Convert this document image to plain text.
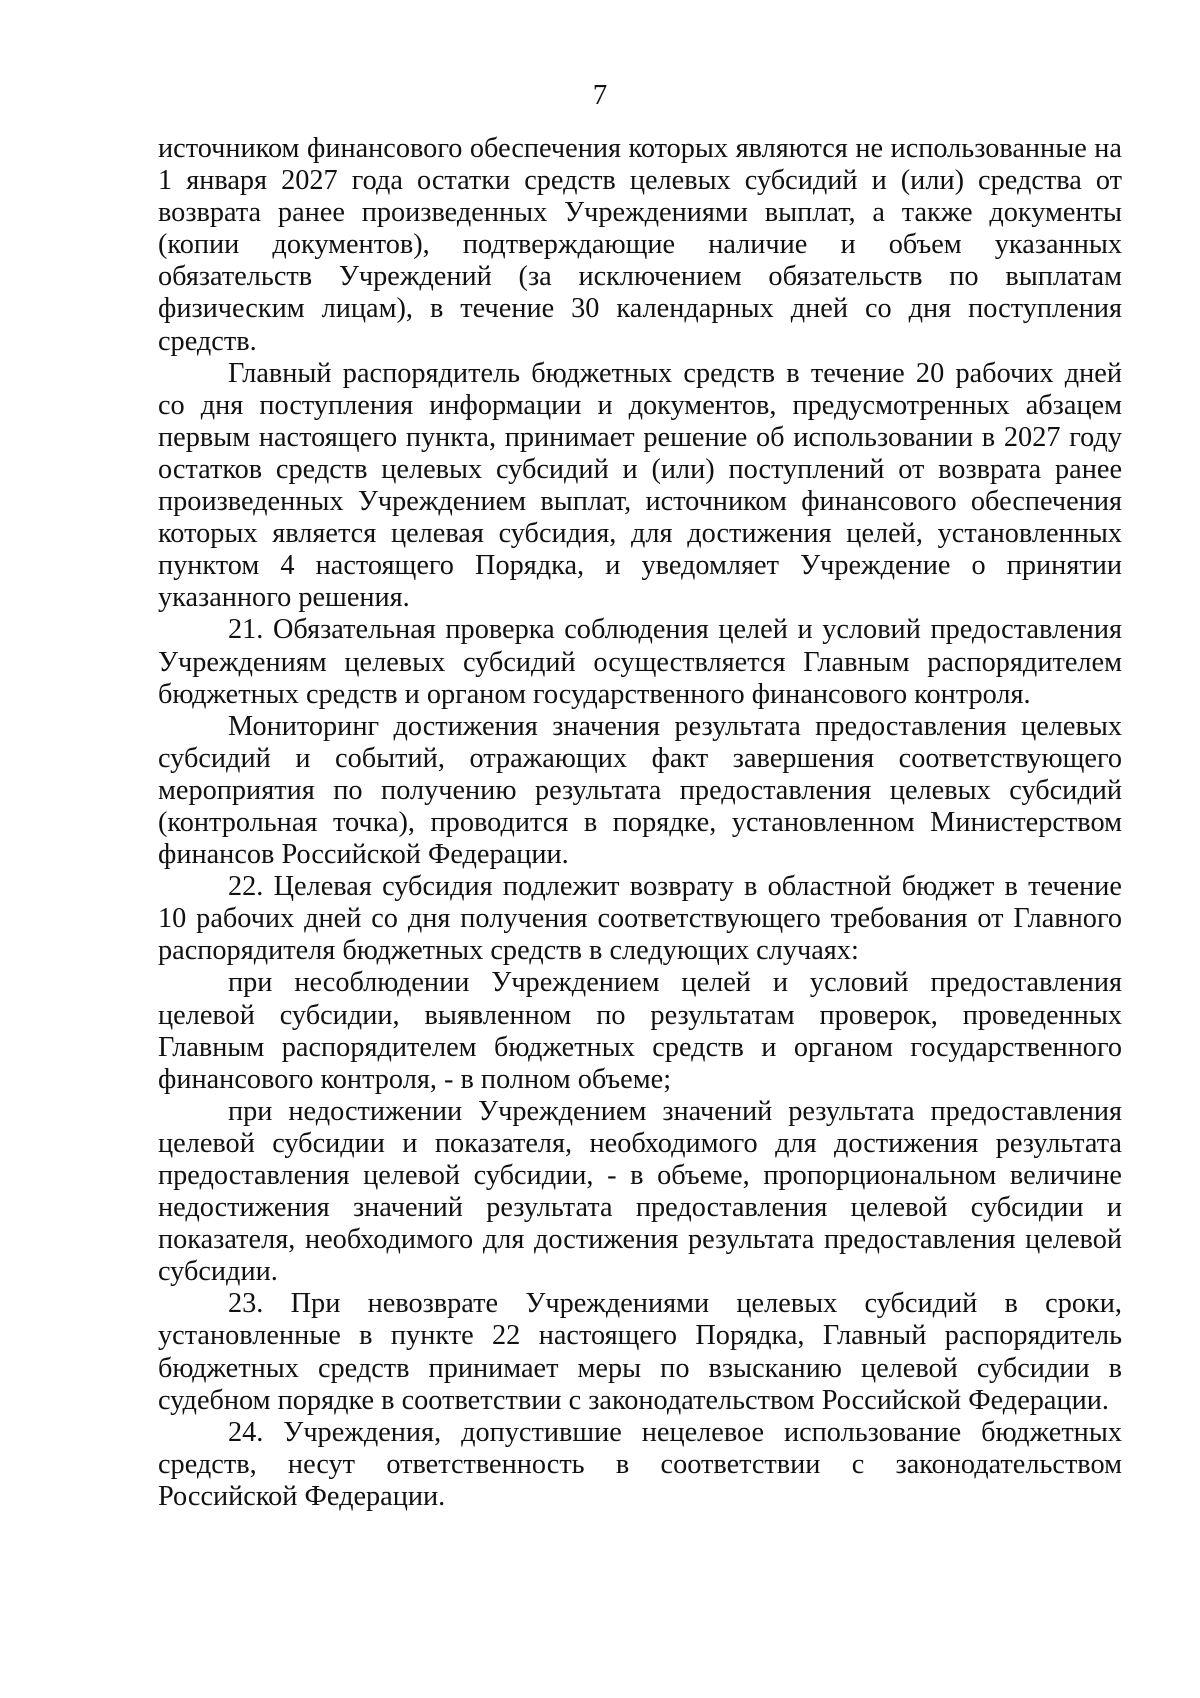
7

источником финансового обеспечения которых являются не использованные на 1 января 2027 года остатки средств целевых субсидий и (или) средства от возврата ранее произведенных Учреждениями выплат, а также документы (копии документов), подтверждающие наличие и объем указанных обязательств Учреждений (за исключением обязательств по выплатам физическим лицам), в течение 30 календарных дней со дня поступления средств.

Главный распорядитель бюджетных средств в течение 20 рабочих дней со дня поступления информации и документов, предусмотренных абзацем первым настоящего пункта, принимает решение об использовании в 2027 году остатков средств целевых субсидий и (или) поступлений от возврата ранее произведенных Учреждением выплат, источником финансового обеспечения которых является целевая субсидия, для достижения целей, установленных пунктом 4 настоящего Порядка, и уведомляет Учреждение о принятии указанного решения.

21. Обязательная проверка соблюдения целей и условий предоставления Учреждениям целевых субсидий осуществляется Главным распорядителем бюджетных средств и органом государственного финансового контроля.

Мониторинг достижения значения результата предоставления целевых субсидий и событий, отражающих факт завершения соответствующего мероприятия по получению результата предоставления целевых субсидий (контрольная точка), проводится в порядке, установленном Министерством финансов Российской Федерации.

22. Целевая субсидия подлежит возврату в областной бюджет в течение 10 рабочих дней со дня получения соответствующего требования от Главного распорядителя бюджетных средств в следующих случаях:

при несоблюдении Учреждением целей и условий предоставления целевой субсидии, выявленном по результатам проверок, проведенных Главным распорядителем бюджетных средств и органом государственного финансового контроля, - в полном объеме;

при недостижении Учреждением значений результата предоставления целевой субсидии и показателя, необходимого для достижения результата предоставления целевой субсидии, - в объеме, пропорциональном величине недостижения значений результата предоставления целевой субсидии и показателя, необходимого для достижения результата предоставления целевой субсидии.

23. При невозврате Учреждениями целевых субсидий в сроки, установленные в пункте 22 настоящего Порядка, Главный распорядитель бюджетных средств принимает меры по взысканию целевой субсидии в судебном порядке в соответствии с законодательством Российской Федерации.

24. Учреждения, допустившие нецелевое использование бюджетных средств, несут ответственность в соответствии с законодательством Российской Федерации.
